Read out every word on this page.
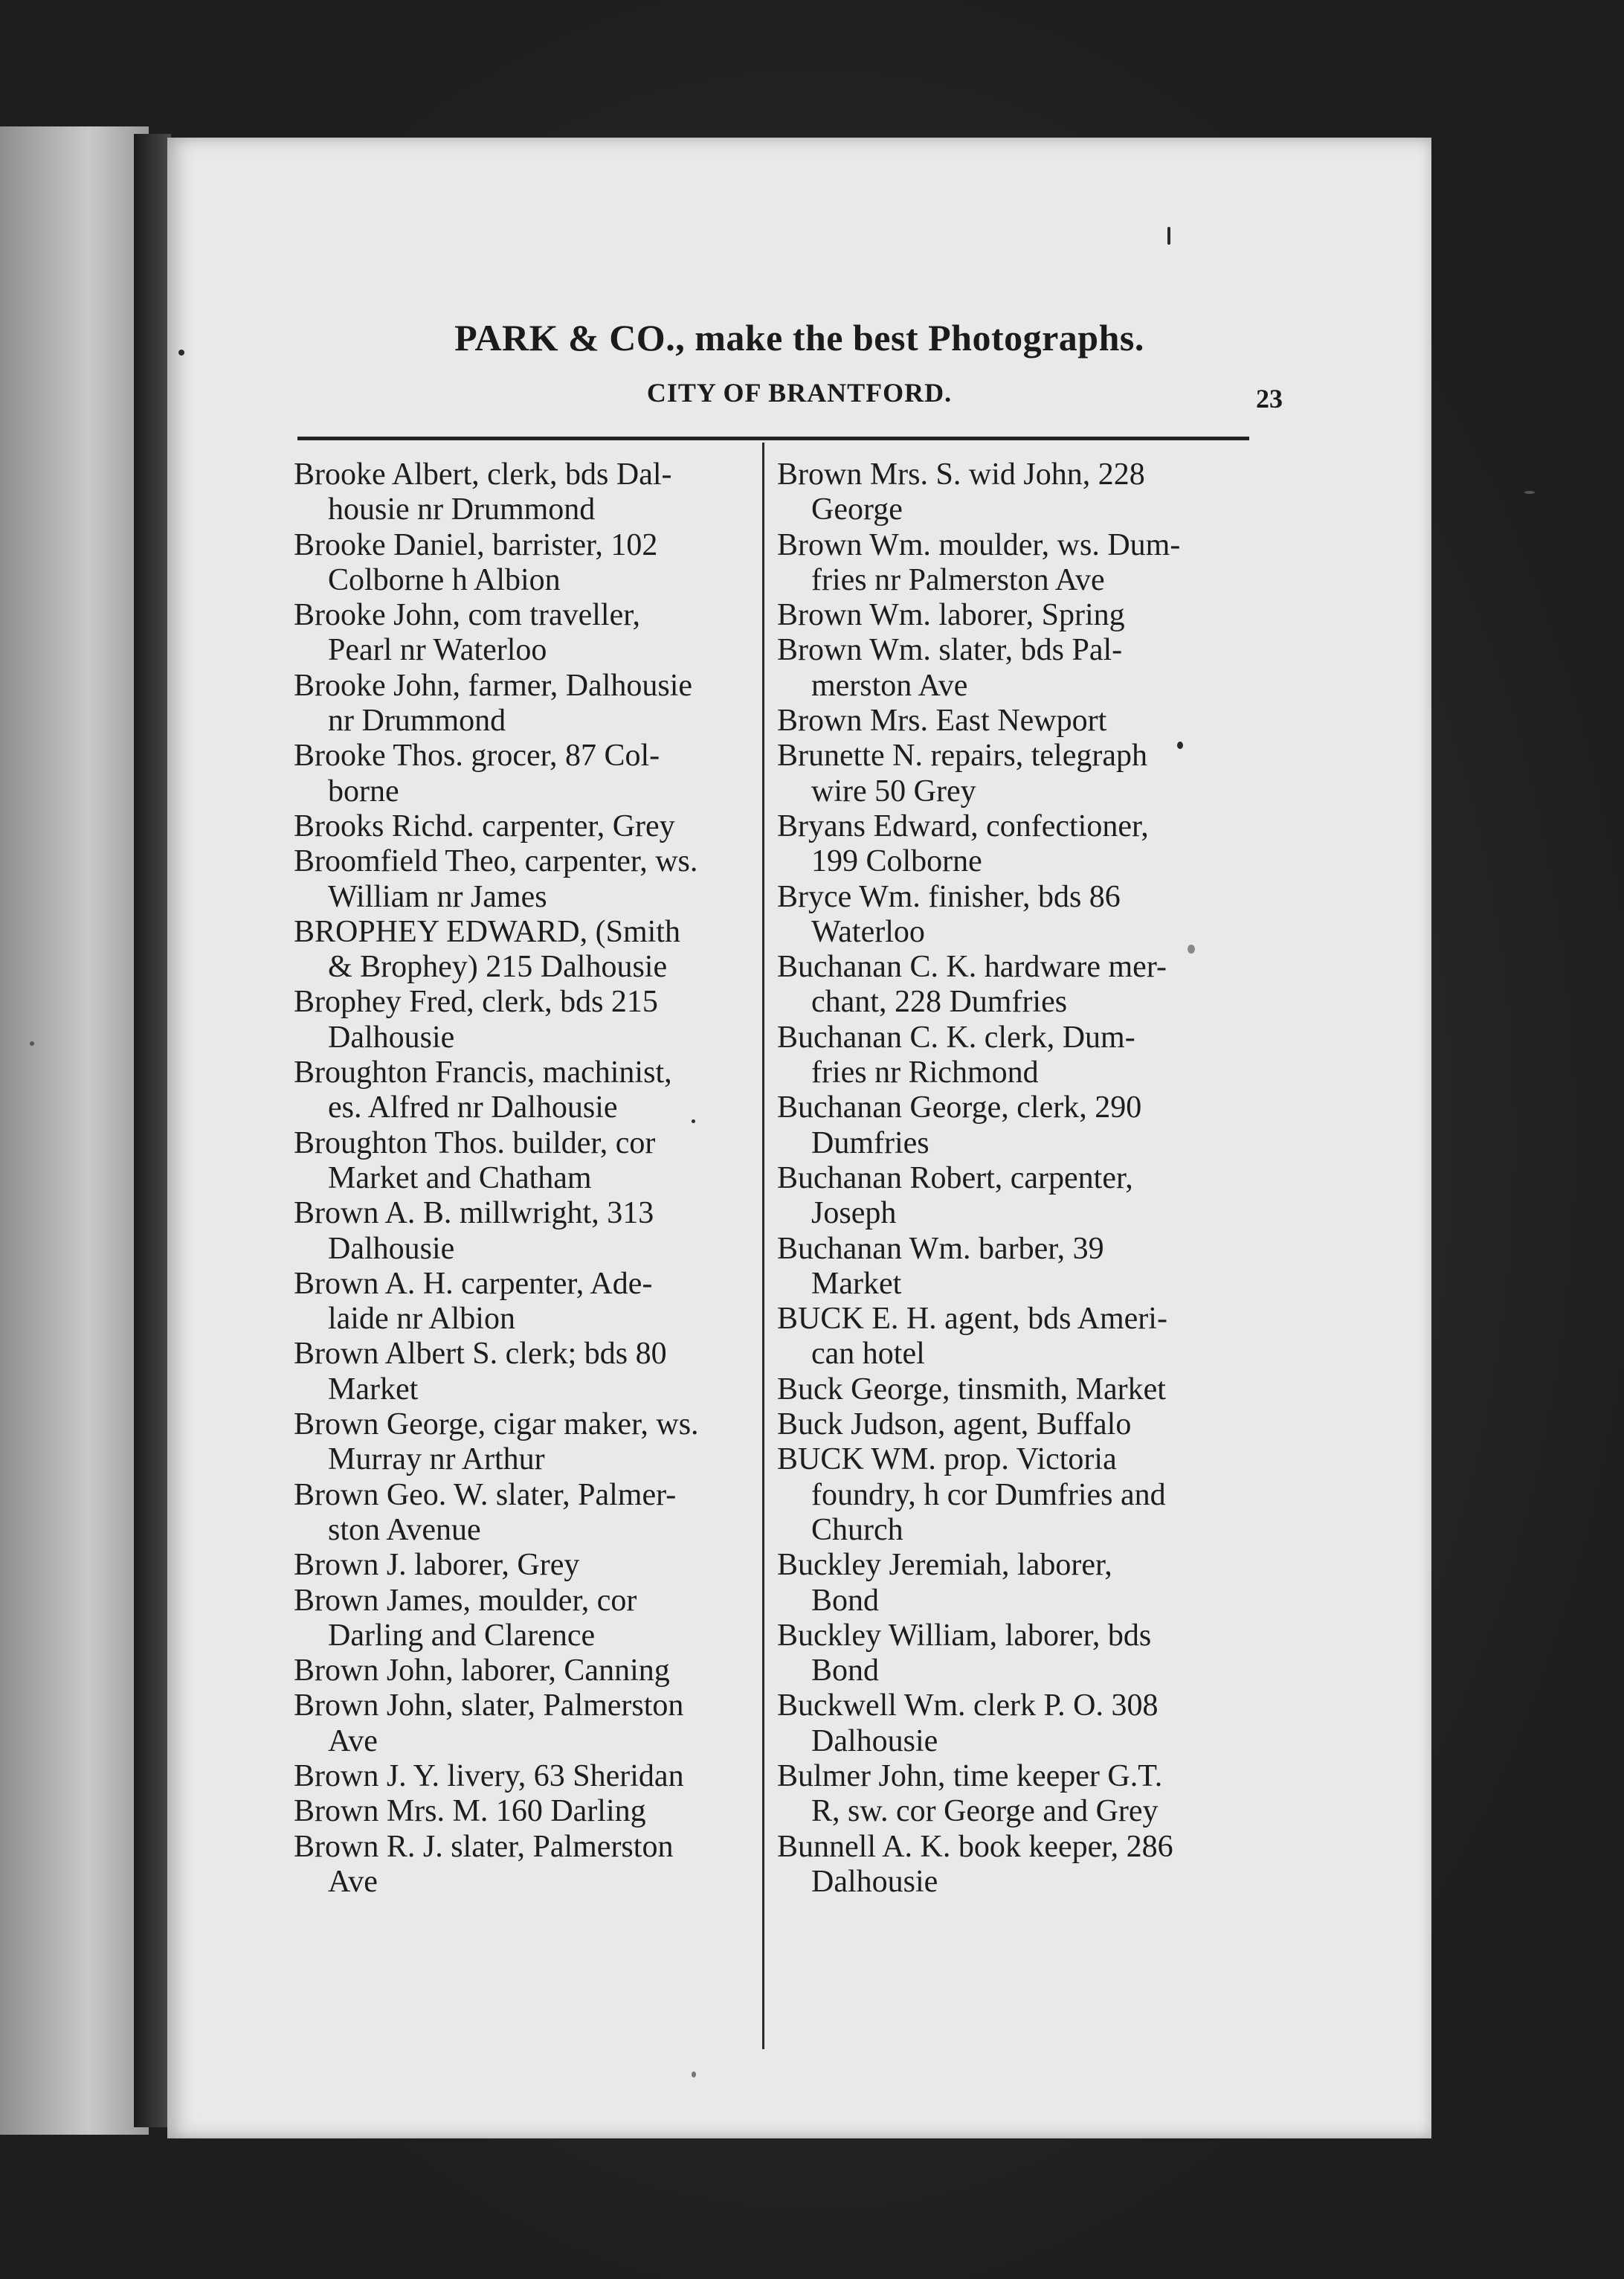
PARK & CO., make the best Photographs.
CITY OF BRANTFORD.	23
Brooke Albert, clerk, bds Dal-
housie nr Drummond
Brooke Daniel, barrister, 102
Colborne h Albion
Brooke John, com traveller,
Pearl nr Waterloo
Brooke John, farmer, Dalhousie
nr Drummond
Brooke Thos. grocer, 87 Col-
borne
Brooks Richd. carpenter, Grey
Broomfield Theo, carpenter, ws.
William nr James
BROPHEY EDWARD, (Smith
& Brophey) 215 Dalhousie
Brophey Fred, clerk, bds 215
Dalhousie
Broughton Francis, machinist,
es. Alfred nr Dalhousie
Broughton Thos. builder, cor
Market and Chatham
Brown A. B. millwright, 313
Dalhousie
Brown A. H. carpenter, Ade-
laide nr Albion
Brown Albert S. clerk; bds 80
Market
Brown George, cigar maker, ws.
Murray nr Arthur
Brown Geo. W. slater, Palmer-
ston Avenue
Brown J. laborer, Grey
Brown James, moulder, cor
Darling and Clarence
Brown John, laborer, Canning
Brown John, slater, Palmerston
Ave
Brown J. Y. livery, 63 Sheridan
Brown Mrs. M. 160 Darling
Brown R. J. slater, Palmerston
Ave
Brown Mrs. S. wid John, 228
George
Brown Wm. moulder, ws. Dum-
fries nr Palmerston Ave
Brown Wm. laborer, Spring
Brown Wm. slater, bds Pal-
merston Ave
Brown Mrs. East Newport
Brunette N. repairs, telegraph
wire 50 Grey
Bryans Edward, confectioner,
199 Colborne
Bryce Wm. finisher, bds 86
Waterloo
Buchanan C. K. hardware mer-
chant, 228 Dumfries
Buchanan C. K. clerk, Dum-
fries nr Richmond
Buchanan George, clerk, 290
Dumfries
Buchanan Robert, carpenter,
Joseph
Buchanan Wm. barber, 39
Market
BUCK E. H. agent, bds Ameri-
can hotel
Buck George, tinsmith, Market
Buck Judson, agent, Buffalo
BUCK WM. prop. Victoria
foundry, h cor Dumfries and
Church
Buckley Jeremiah, laborer,
Bond
Buckley William, laborer, bds
Bond
Buckwell Wm. clerk P. O. 308
Dalhousie
Bulmer John, time keeper G.T.
R, sw. cor George and Grey
Bunnell A. K. book keeper, 286
Dalhousie
